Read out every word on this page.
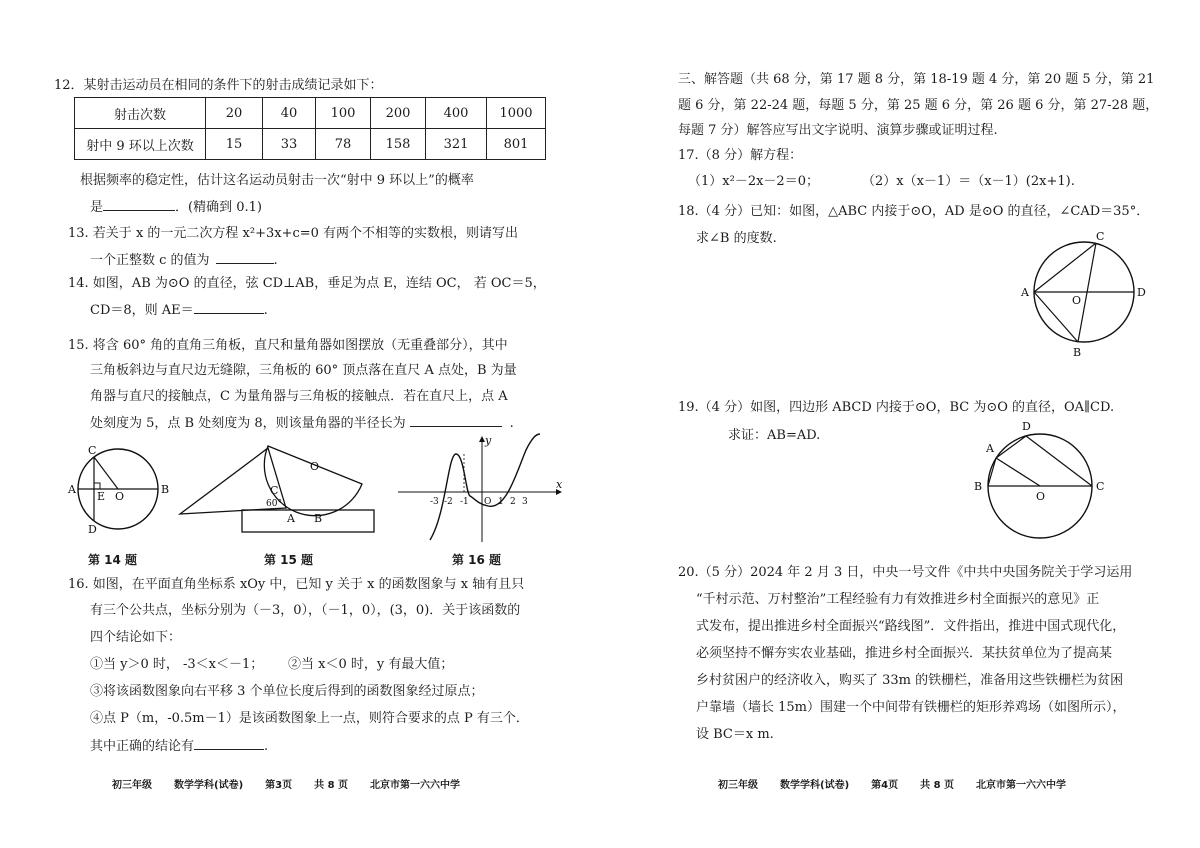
12．某射击运动员在相同的条件下的射击成绩记录如下：
射击次数	20	40	100	200	400	1000
射中 9 环以上次数	15	33	78	158	321	801
根据频率的稳定性，估计这名运动员射击一次“射中 9 环以上”的概率
是	．(精确到 0.1)
13. 若关于 x 的一元二次方程 x²+3x+c=0 有两个不相等的实数根，则请写出
一个正整数 c 的值为	.
14. 如图，AB 为⊙O 的直径，弦 CD⊥AB，垂足为点 E，连结 OC， 若 OC＝5，
CD＝8，则 AE＝	.
15. 将含 60° 角的直角三角板，直尺和量角器如图摆放（无重叠部分），其中
三角板斜边与直尺边无缝隙，三角板的 60° 顶点落在直尺 A 点处，B 为量
角器与直尺的接触点，C 为量角器与三角板的接触点．若在直尺上，点 A
处刻度为 5，点 B 处刻度为 8，则该量角器的半径长为	.
C
A
E O
B
D
O
C
60°
A B
y
x
-3 -2 -1 O 1 2 3
第 14 题	第 15 题	第 16 题
16. 如图，在平面直角坐标系 xOy 中，已知 y 关于 x 的函数图象与 x 轴有且只
有三个公共点，坐标分别为（－3，0），（－1，0），(3，0)．关于该函数的
四个结论如下：
①当 y＞0 时， -3＜x＜－1； ②当 x＜0 时，y 有最大值；
③将该函数图象向右平移 3 个单位长度后得到的函数图象经过原点；
④点 P（m，-0.5m－1）是该函数图象上一点，则符合要求的点 P 有三个．
其中正确的结论有	.
初三年级 数学学科(试卷) 第3页 共 8 页 北京市第一六六中学
三、解答题（共 68 分，第 17 题 8 分，第 18-19 题 4 分，第 20 题 5 分，第 21
题 6 分，第 22-24 题，每题 5 分，第 25 题 6 分，第 26 题 6 分，第 27-28 题，
每题 7 分）解答应写出文字说明、演算步骤或证明过程.
17.（8 分）解方程：
（1）x²－2x－2＝0；	（2）x（x－1）＝（x－1）(2x+1).
18.（4 分）已知：如图，△ABC 内接于⊙O，AD 是⊙O 的直径，∠CAD＝35°．
求∠B 的度数.	C
A
O
D
B
19.（4 分）如图，四边形 ABCD 内接于⊙O，BC 为⊙O 的直径，OA∥CD.
求证：AB=AD.
D
A
B
O
C
20.（5 分）2024 年 2 月 3 日，中央一号文件《中共中央国务院关于学习运用
“千村示范、万村整治”工程经验有力有效推进乡村全面振兴的意见》正
式发布，提出推进乡村全面振兴“路线图”．文件指出，推进中国式现代化，
必须坚持不懈夯实农业基础，推进乡村全面振兴．某扶贫单位为了提高某
乡村贫困户的经济收入，购买了 33m 的铁栅栏，准备用这些铁栅栏为贫困
户靠墙（墙长 15m）围建一个中间带有铁栅栏的矩形养鸡场（如图所示），
设 BC＝x m.
初三年级 数学学科(试卷) 第4页 共 8 页 北京市第一六六中学
